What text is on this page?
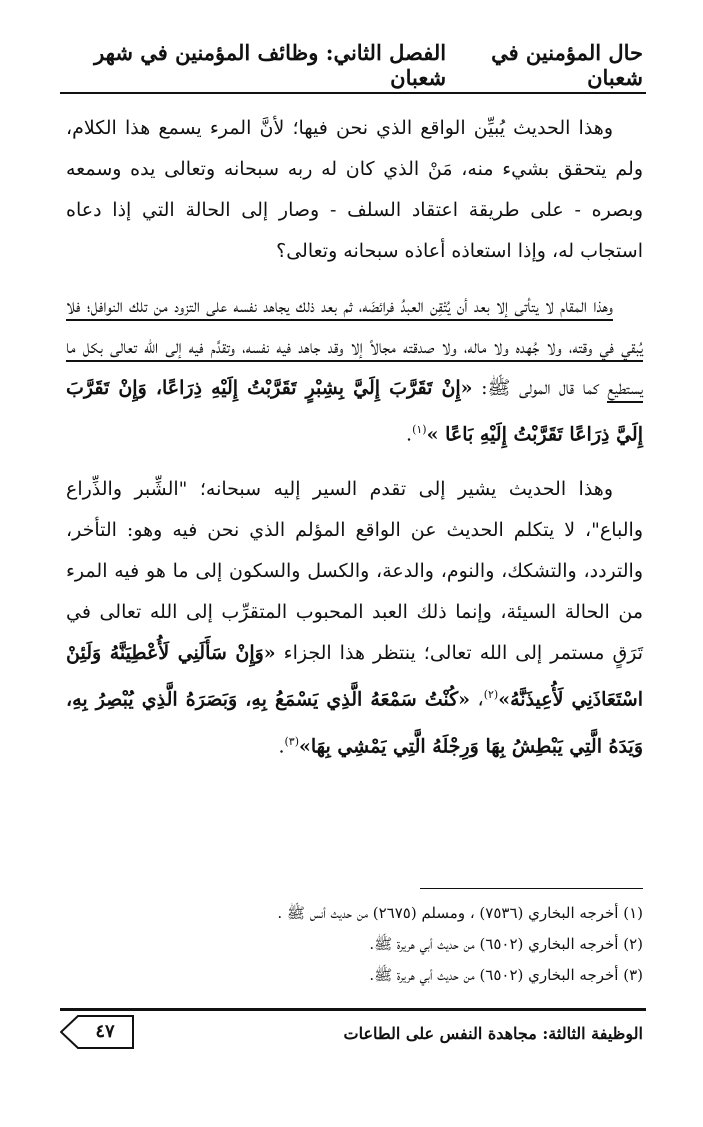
حال المؤمنين في شعبان
الفصل الثاني: وظائف المؤمنين في شهر شعبان

وهذا الحديث يُبيِّن الواقع الذي نحن فيها؛ لأنَّ المرء يسمع هذا الكلام، ولم يتحقق بشيء منه، مَنْ الذي كان له ربه سبحانه وتعالى يده وسمعه وبصره - على طريقة اعتقاد السلف - وصار إلى الحالة التي إذا دعاه استجاب له، وإذا استعاذه أعاذه سبحانه وتعالى؟

وهذا المقام لا يتأتى إلا بعد أن يُتْقِن العبدُ فرائضَه، ثم بعد ذلك يجاهد نفسه على التزود من تلك النوافل؛ فلا يُبقي في وقته، ولا جُهده ولا ماله، ولا صدقته مجالاً إلا وقد جاهد فيه نفسه، وتقدَّم فيه إلى الله تعالى بكل ما يستطيع كما قال المولى ﷺ: «إِنْ تَقَرَّبَ إِلَيَّ بِشِبْرٍ تَقَرَّبْتُ إِلَيْهِ ذِرَاعًا، وَإِنْ تَقَرَّبَ إِلَيَّ ذِرَاعًا تَقَرَّبْتُ إِلَيْهِ بَاعًا »$^{(١)}$.

وهذا الحديث يشير إلى تقدم السير إليه سبحانه؛ "الشِّبر والذِّراع والباع"، لا يتكلم الحديث عن الواقع المؤلم الذي نحن فيه وهو: التأخر، والتردد، والتشكك، والنوم، والدعة، والكسل والسكون إلى ما هو فيه المرء من الحالة السيئة، وإنما ذلك العبد المحبوب المتقرِّب إلى الله تعالى في تَرَقٍ مستمر إلى الله تعالى؛ ينتظر هذا الجزاء «وَإِنْ سَأَلَنِي لَأُعْطِيَنَّهُ وَلَئِنْ اسْتَعَاذَنِي لَأُعِيذَنَّهُ»$^{(٢)}$، «كُنْتُ سَمْعَهُ الَّذِي يَسْمَعُ بِهِ، وَبَصَرَهُ الَّذِي يُبْصِرُ بِهِ، وَيَدَهُ الَّتِي يَبْطِشُ بِهَا وَرِجْلَهُ الَّتِي يَمْشِي بِهَا»$^{(٣)}$.

(١) أخرجه البخاري (٧٥٣٦) ، ومسلم (٢٦٧٥) من حديث أنس ﷺ .
(٢) أخرجه البخاري (٦٥٠٢) من حديث أبي هريرة ﷺ.
(٣) أخرجه البخاري (٦٥٠٢) من حديث أبي هريرة ﷺ.
الوظيفة الثالثة: مجاهدة النفس على الطاعات
٤٧
